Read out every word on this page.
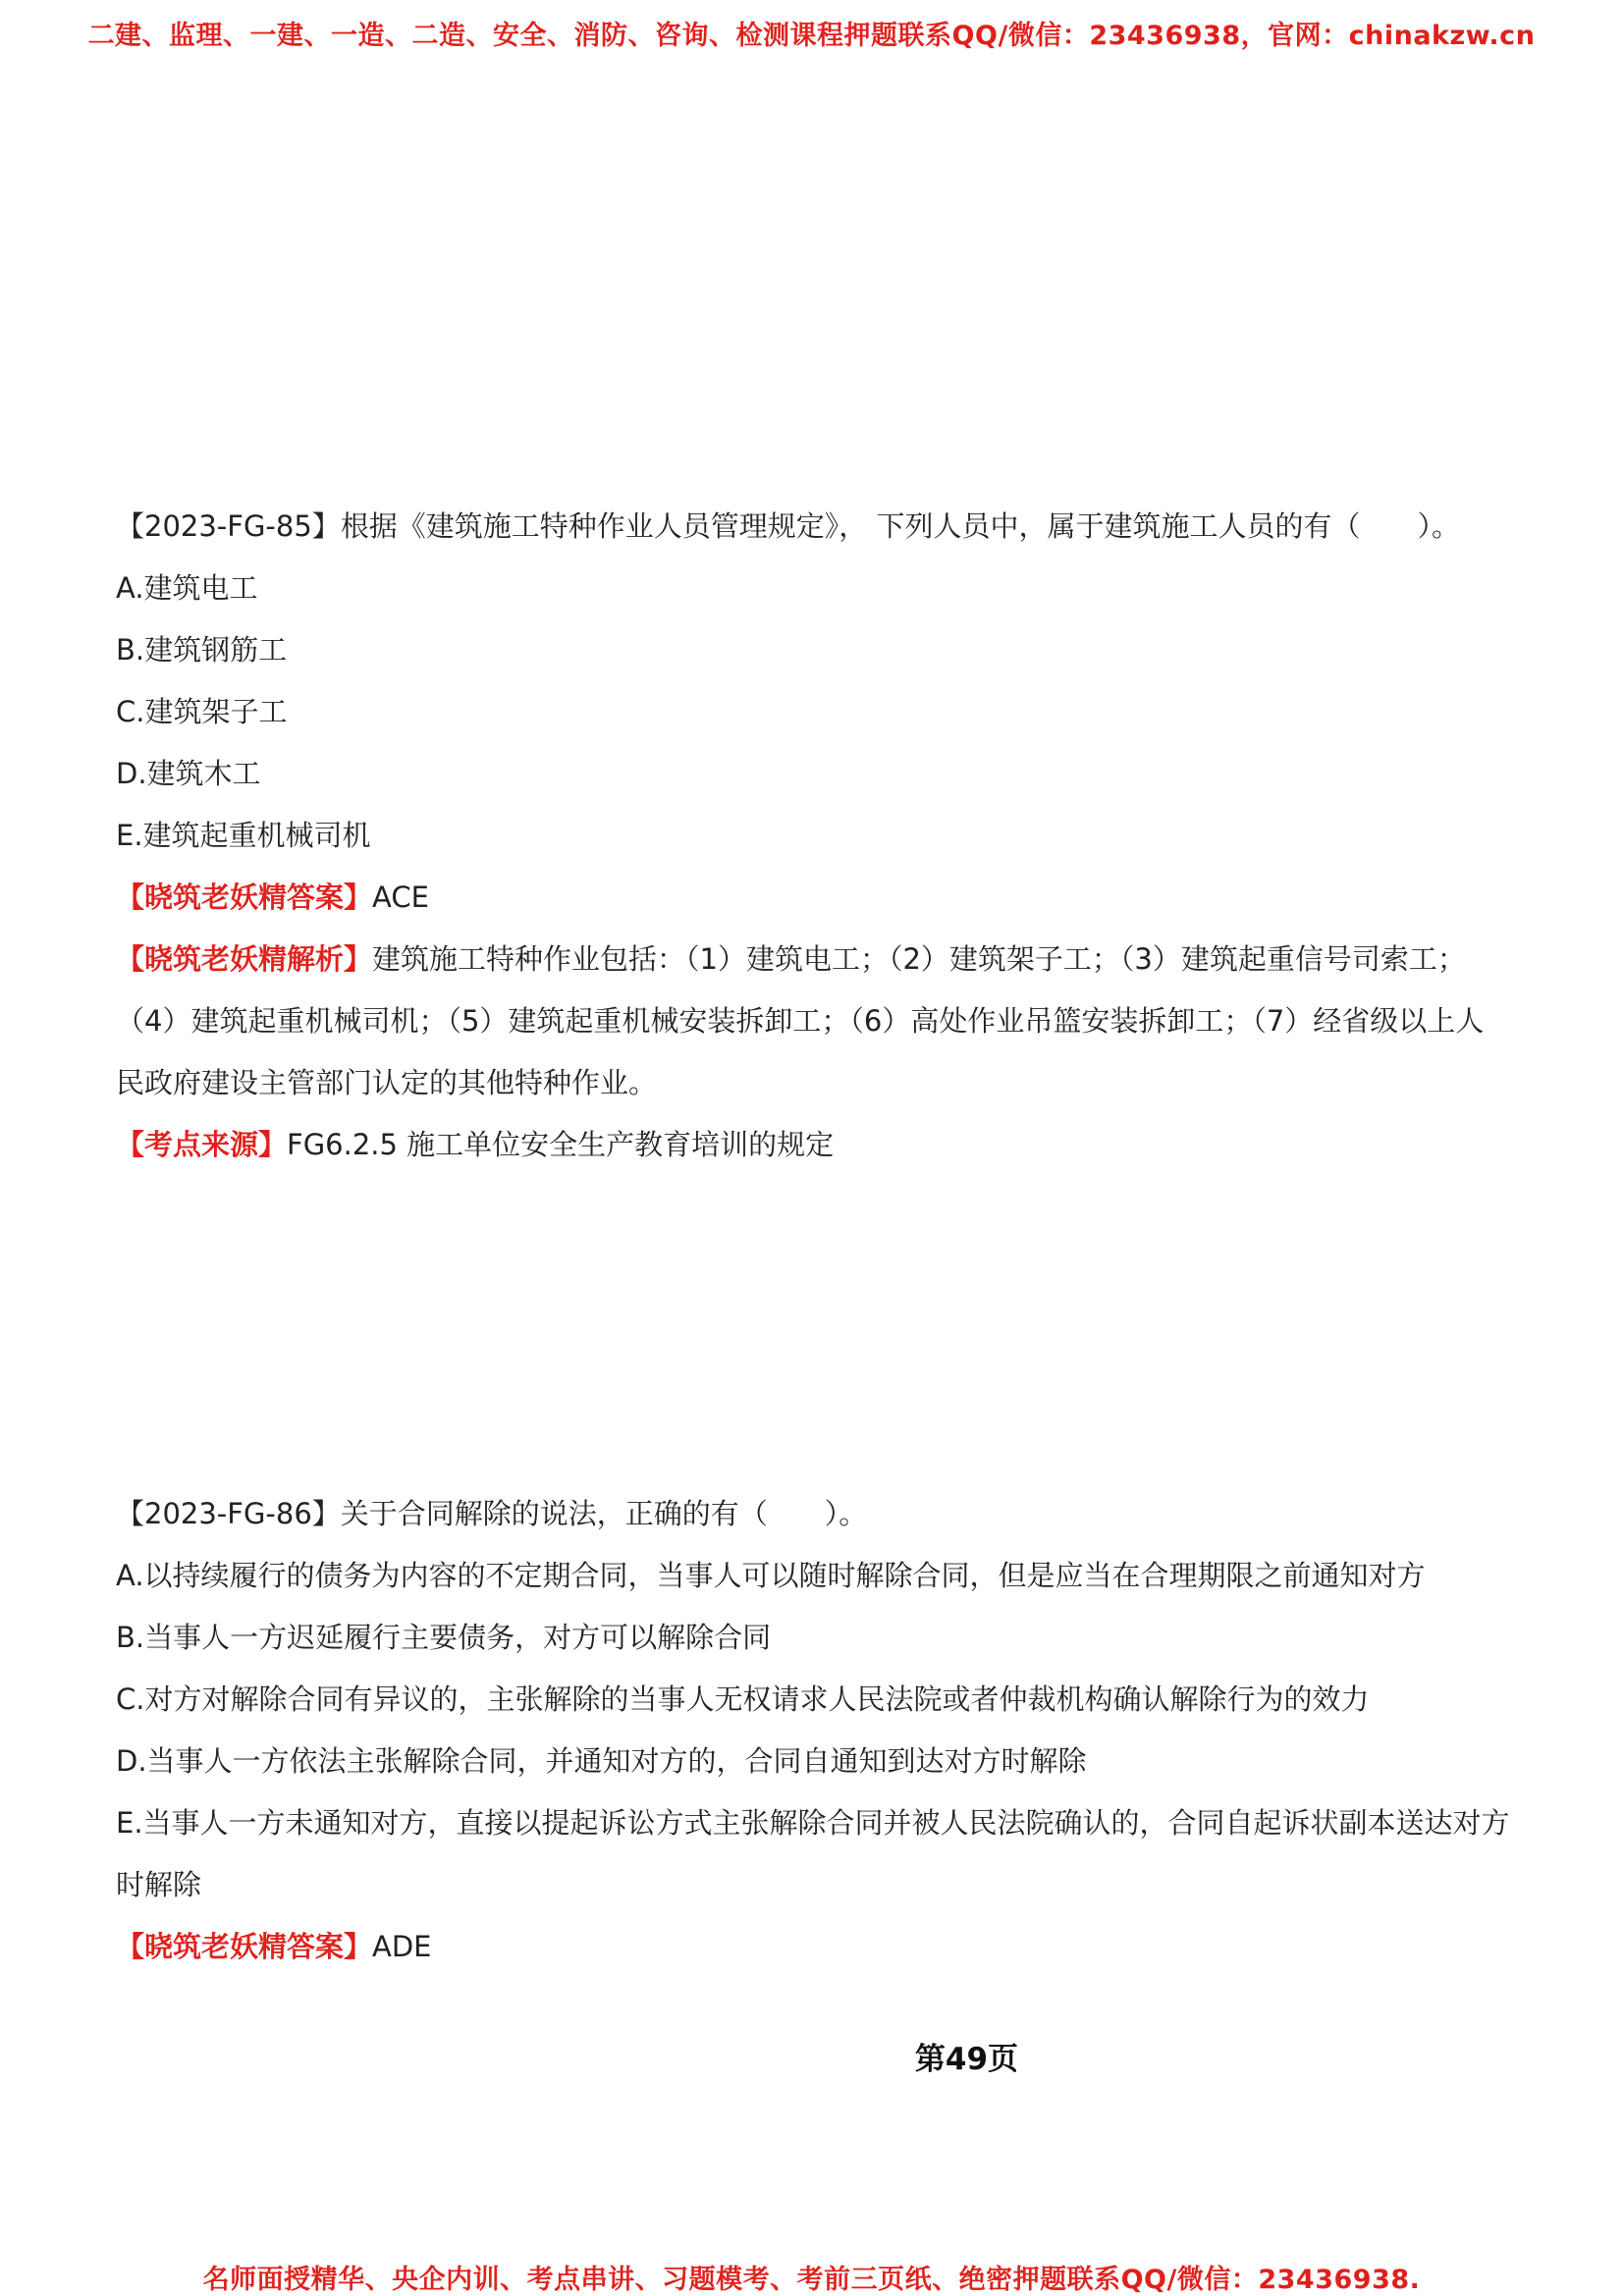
二建、监理、一建、一造、二造、安全、消防、咨询、检测课程押题联系QQ/微信：23436938，官网：chinakzw.cn
【2023-FG-85】根据《建筑施工特种作业人员管理规定》， 下列人员中，属于建筑施工人员的有（　　）。
A.建筑电工
B.建筑钢筋工
C.建筑架子工
D.建筑木工
E.建筑起重机械司机
【晓筑老妖精答案】ACE
【晓筑老妖精解析】建筑施工特种作业包括：（1）建筑电工；（2）建筑架子工；（3）建筑起重信号司索工；（4）建筑起重机械司机；（5）建筑起重机械安装拆卸工；（6）高处作业吊篮安装拆卸工；（7）经省级以上人民政府建设主管部门认定的其他特种作业。
【考点来源】FG6.2.5 施工单位安全生产教育培训的规定
【2023-FG-86】关于合同解除的说法，正确的有（　　）。
A.以持续履行的债务为内容的不定期合同，当事人可以随时解除合同，但是应当在合理期限之前通知对方
B.当事人一方迟延履行主要债务，对方可以解除合同
C.对方对解除合同有异议的，主张解除的当事人无权请求人民法院或者仲裁机构确认解除行为的效力
D.当事人一方依法主张解除合同，并通知对方的，合同自通知到达对方时解除
E.当事人一方未通知对方，直接以提起诉讼方式主张解除合同并被人民法院确认的，合同自起诉状副本送达对方时解除
【晓筑老妖精答案】ADE
第49页
名师面授精华、央企内训、考点串讲、习题模考、考前三页纸、绝密押题联系QQ/微信：23436938.
